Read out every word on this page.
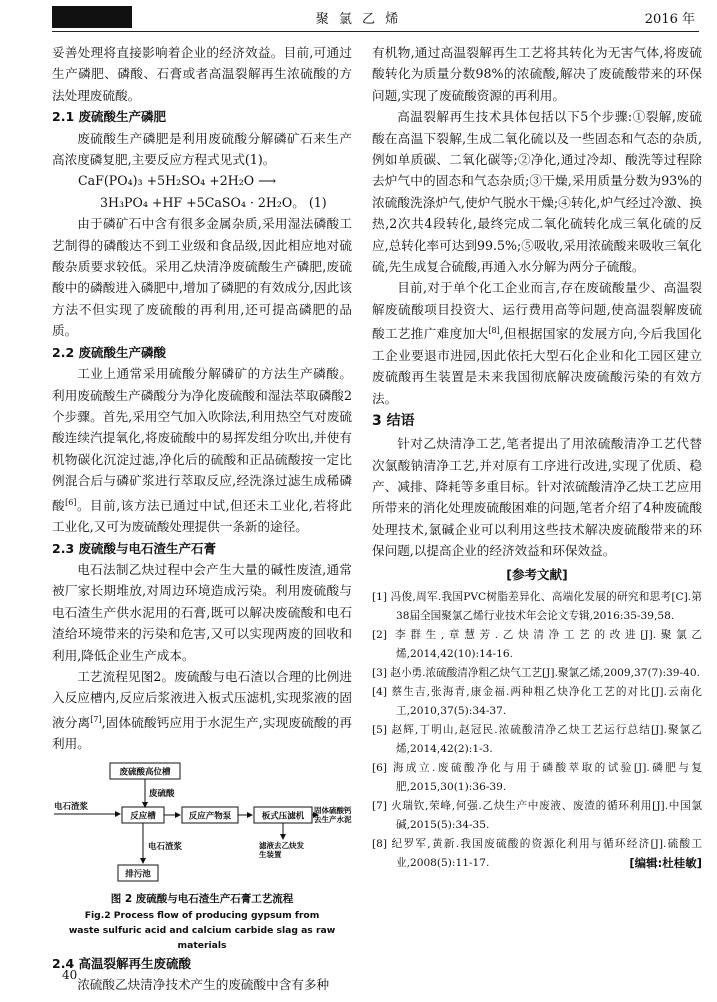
聚 氯 乙 烯	2016 年
妥善处理将直接影响着企业的经济效益。目前,可通过生产磷肥、磷酸、石膏或者高温裂解再生浓硫酸的方法处理废硫酸。
2.1 废硫酸生产磷肥
废硫酸生产磷肥是利用废硫酸分解磷矿石来生产高浓度磷复肥,主要反应方程式见式(1)。
CaF(PO₄)₃ +5H₂SO₄ +2H₂O ⟶
3H₃PO₄ +HF +5CaSO₄ · 2H₂O。 (1)
由于磷矿石中含有很多金属杂质,采用湿法磷酸工艺制得的磷酸达不到工业级和食品级,因此相应地对硫酸杂质要求较低。采用乙炔清净废硫酸生产磷肥,废硫酸中的磷酸进入磷肥中,增加了磷肥的有效成分,因此该方法不但实现了废硫酸的再利用,还可提高磷肥的品质。
2.2 废硫酸生产磷酸
工业上通常采用硫酸分解磷矿的方法生产磷酸。利用废硫酸生产磷酸分为净化废硫酸和湿法萃取磷酸2个步骤。首先,采用空气加入吹除法,利用热空气对废硫酸连续汽提氧化,将废硫酸中的易挥发组分吹出,并使有机物碳化沉淀过滤,净化后的硫酸和正品硫酸按一定比例混合后与磷矿浆进行萃取反应,经洗涤过滤生成稀磷酸[6]。目前,该方法已通过中试,但还未工业化,若将此工业化,又可为废硫酸处理提供一条新的途径。
2.3 废硫酸与电石渣生产石膏
电石法制乙炔过程中会产生大量的碱性废渣,通常被厂家长期堆放,对周边环境造成污染。利用废硫酸与电石渣生产供水泥用的石膏,既可以解决废硫酸和电石渣给环境带来的污染和危害,又可以实现两废的回收和利用,降低企业生产成本。
工艺流程见图2。废硫酸与电石渣以合理的比例进入反应槽内,反应后浆液进入板式压滤机,实现浆液的固液分离[7],固体硫酸钙应用于水泥生产,实现废硫酸的再利用。
废硫酸高位槽
废硫酸
电石渣浆
反应槽	反应产物泵	板式压滤机
固体硫酸钙去生产水泥
电石渣浆	滤液去乙炔发生装置
排污池
图 2 废硫酸与电石渣生产石膏工艺流程
Fig.2 Process flow of producing gypsum from
waste sulfuric acid and calcium carbide slag as raw materials
2.4 高温裂解再生废硫酸
浓硫酸乙炔清净技术产生的废硫酸中含有多种
有机物,通过高温裂解再生工艺将其转化为无害气体,将废硫酸转化为质量分数98%的浓硫酸,解决了废硫酸带来的环保问题,实现了废硫酸资源的再利用。
高温裂解再生技术具体包括以下5个步骤:①裂解,废硫酸在高温下裂解,生成二氧化硫以及一些固态和气态的杂质,例如单质碳、二氧化碳等;②净化,通过冷却、酸洗等过程除去炉气中的固态和气态杂质;③干燥,采用质量分数为93%的浓硫酸洗涤炉气,使炉气脱水干燥;④转化,炉气经过冷激、换热,2次共4段转化,最终完成二氧化硫转化成三氧化硫的反应,总转化率可达到99.5%;⑤吸收,采用浓硫酸来吸收三氧化硫,先生成复合硫酸,再通入水分解为两分子硫酸。
目前,对于单个化工企业而言,存在废硫酸量少、高温裂解废硫酸项目投资大、运行费用高等问题,使高温裂解废硫酸工艺推广难度加大[8],但根据国家的发展方向,今后我国化工企业要退市进园,因此依托大型石化企业和化工园区建立废硫酸再生装置是未来我国彻底解决废硫酸污染的有效方法。
3 结语
针对乙炔清净工艺,笔者提出了用浓硫酸清净工艺代替次氯酸钠清净工艺,并对原有工序进行改进,实现了优质、稳产、减排、降耗等多重目标。针对浓硫酸清净乙炔工艺应用所带来的消化处理废硫酸困难的问题,笔者介绍了4种废硫酸处理技术,氯碱企业可以利用这些技术解决废硫酸带来的环保问题,以提高企业的经济效益和环保效益。
[参考文献]
[1] 冯俊,周军.我国PVC树脂差异化、高端化发展的研究和思考[C].第38届全国聚氯乙烯行业技术年会论文专辑,2016:35-39,58.
[2] 李群生,章慧芳.乙炔清净工艺的改进[J].聚氯乙烯,2014,42(10):14-16.
[3] 赵小勇.浓硫酸清净粗乙炔气工艺[J].聚氯乙烯,2009,37(7):39-40.
[4] 蔡生吉,张海青,康金福.两种粗乙炔净化工艺的对比[J].云南化工,2010,37(5):34-37.
[5] 赵辉,丁明山,赵冠民.浓硫酸清净乙炔工艺运行总结[J].聚氯乙烯,2014,42(2):1-3.
[6] 海成立.废硫酸净化与用于磷酸萃取的试验[J].磷肥与复肥,2015,30(1):36-39.
[7] 火瑞钦,荣峰,何强.乙炔生产中废液、废渣的循环利用[J].中国氯碱,2015(5):34-35.
[8] 纪罗军,黄新.我国废硫酸的资源化利用与循环经济[J].硫酸工业,2008(5):11-17.	[编辑:杜桂敏]
40
